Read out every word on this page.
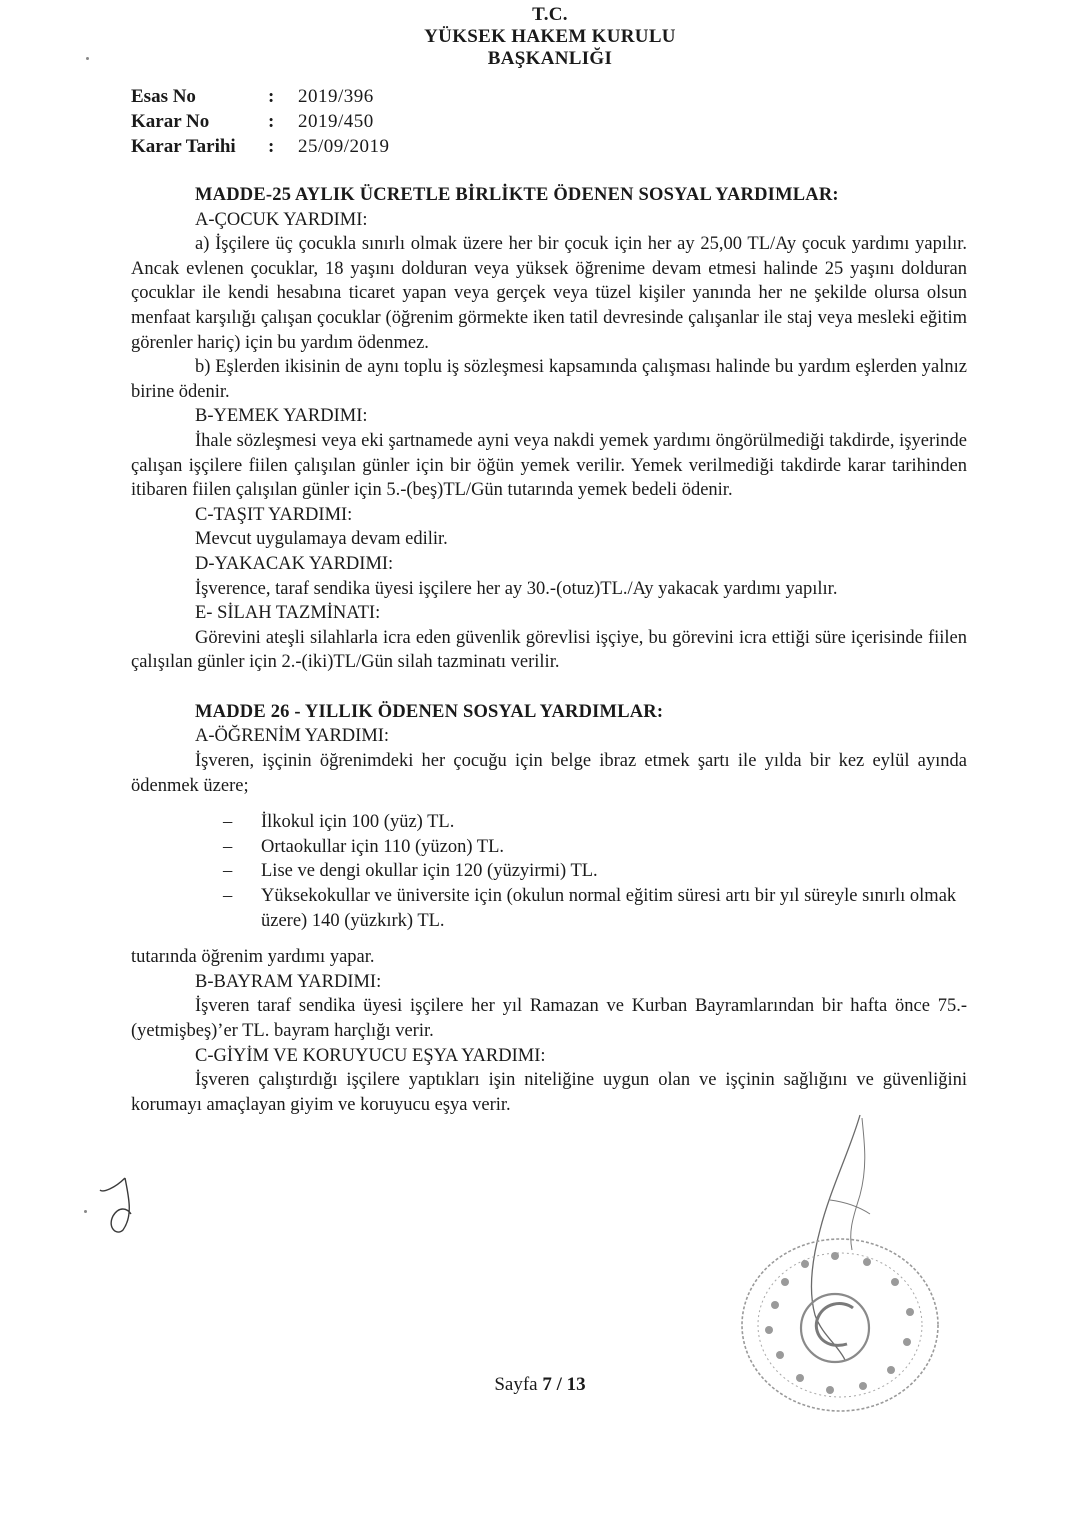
T.C.
YÜKSEK HAKEM KURULU
BAŞKANLIĞI
Esas No	:	2019/396
Karar No	:	2019/450
Karar Tarihi	:	25/09/2019
MADDE-25 AYLIK ÜCRETLE BİRLİKTE ÖDENEN SOSYAL YARDIMLAR:
A-ÇOCUK YARDIMI:

a) İşçilere üç çocukla sınırlı olmak üzere her bir çocuk için her ay 25,00 TL/Ay çocuk yardımı yapılır. Ancak evlenen çocuklar, 18 yaşını dolduran veya yüksek öğrenime devam etmesi halinde 25 yaşını dolduran çocuklar ile kendi hesabına ticaret yapan veya gerçek veya tüzel kişiler yanında her ne şekilde olursa olsun menfaat karşılığı çalışan çocuklar (öğrenim görmekte iken tatil devresinde çalışanlar ile staj veya mesleki eğitim görenler hariç) için bu yardım ödenmez.

b) Eşlerden ikisinin de aynı toplu iş sözleşmesi kapsamında çalışması halinde bu yardım eşlerden yalnız birine ödenir.

B-YEMEK YARDIMI:

İhale sözleşmesi veya eki şartnamede ayni veya nakdi yemek yardımı öngörülmediği takdirde, işyerinde çalışan işçilere fiilen çalışılan günler için bir öğün yemek verilir. Yemek verilmediği takdirde karar tarihinden itibaren fiilen çalışılan günler için 5.-(beş)TL/Gün tutarında yemek bedeli ödenir.

C-TAŞIT YARDIMI:
Mevcut uygulamaya devam edilir.
D-YAKACAK YARDIMI:
İşverence, taraf sendika üyesi işçilere her ay 30.-(otuz)TL./Ay yakacak yardımı yapılır.
E- SİLAH TAZMİNATI:

Görevini ateşli silahlarla icra eden güvenlik görevlisi işçiye, bu görevini icra ettiği süre içerisinde fiilen çalışılan günler için 2.-(iki)TL/Gün silah tazminatı verilir.

MADDE 26 - YILLIK ÖDENEN SOSYAL YARDIMLAR:
A-ÖĞRENİM YARDIMI:

İşveren, işçinin öğrenimdeki her çocuğu için belge ibraz etmek şartı ile yılda bir kez eylül ayında ödenmek üzere;

– İlkokul için 100 (yüz) TL.
– Ortaokullar için 110 (yüzon) TL.
– Lise ve dengi okullar için 120 (yüzyirmi) TL.
– Yüksekokullar ve üniversite için (okulun normal eğitim süresi artı bir yıl süreyle sınırlı olmak üzere) 140 (yüzkırk) TL.
tutarında öğrenim yardımı yapar.
B-BAYRAM YARDIMI:

İşveren taraf sendika üyesi işçilere her yıl Ramazan ve Kurban Bayramlarından bir hafta önce 75.-(yetmişbeş)’er TL. bayram harçlığı verir.

C-GİYİM VE KORUYUCU EŞYA YARDIMI:

İşveren çalıştırdığı işçilere yaptıkları işin niteliğine uygun olan ve işçinin sağlığını ve güvenliğini korumayı amaçlayan giyim ve koruyucu eşya verir.

Sayfa 7 / 13
